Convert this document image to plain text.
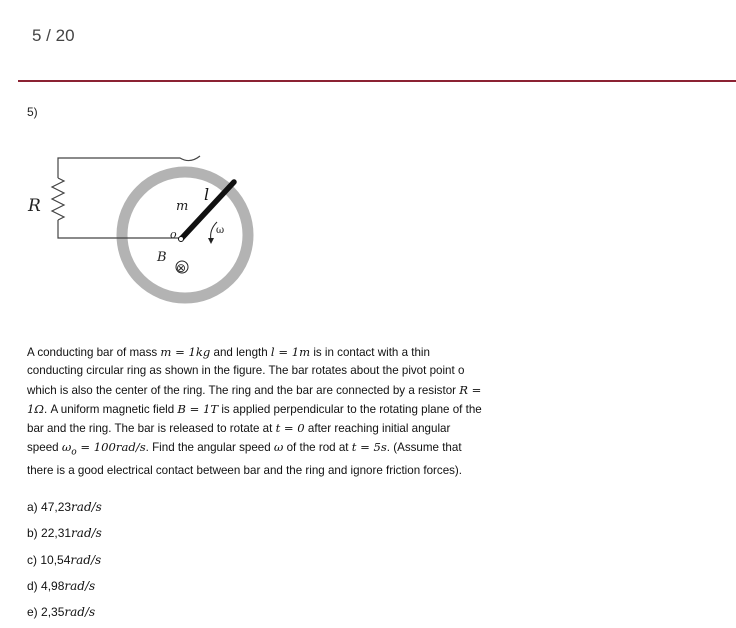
5 / 20
5)
R	m
l
o	ω
B
⊗
A conducting bar of mass m = 1kg and length l = 1m is in contact with a thin conducting circular ring as shown in the figure. The bar rotates about the pivot point o which is also the center of the ring. The ring and the bar are connected by a resistor R = 1Ω. A uniform magnetic field B = 1T is applied perpendicular to the rotating plane of the bar and the ring. The bar is released to rotate at t = 0 after reaching initial angular speed $\omega_o = 100rad/s$. Find the angular speed ω of the rod at t = 5s. (Assume that there is a good electrical contact between bar and the ring and ignore friction forces).
a) 47,23rad/s
b) 22,31rad/s
c) 10,54rad/s
d) 4,98rad/s
e) 2,35rad/s
